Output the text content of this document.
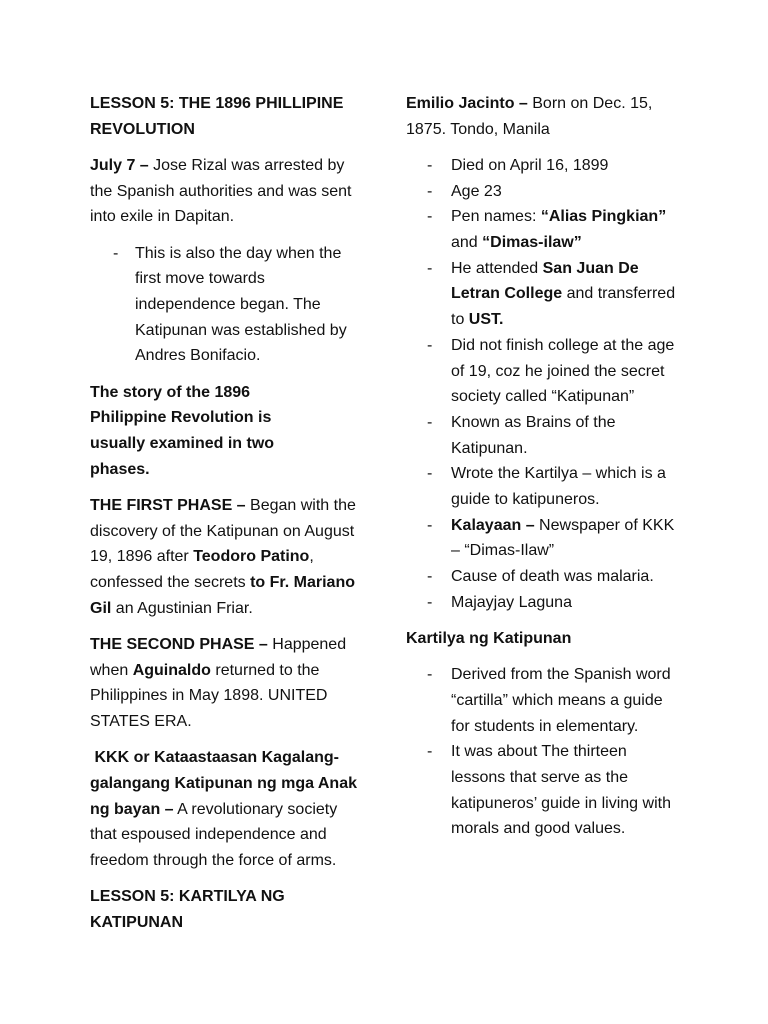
LESSON 5: THE 1896 PHILLIPINE REVOLUTION

July 7 – Jose Rizal was arrested by the Spanish authorities and was sent into exile in Dapitan.

- This is also the day when the first move towards independence began. The Katipunan was established by Andres Bonifacio.

The story of the 1896 Philippine Revolution is usually examined in two phases.

THE FIRST PHASE – Began with the discovery of the Katipunan on August 19, 1896 after Teodoro Patino, confessed the secrets to Fr. Mariano Gil an Agustinian Friar.

THE SECOND PHASE – Happened when Aguinaldo returned to the Philippines in May 1898. UNITED STATES ERA.

KKK or Kataastaasan Kagalang-galangang Katipunan ng mga Anak ng bayan – A revolutionary society that espoused independence and freedom through the force of arms.

LESSON 5: KARTILYA NG KATIPUNAN

Emilio Jacinto – Born on Dec. 15, 1875. Tondo, Manila

- Died on April 16, 1899
- Age 23
- Pen names: “Alias Pingkian” and “Dimas-ilaw”
- He attended San Juan De Letran College and transferred to UST.
- Did not finish college at the age of 19, coz he joined the secret society called “Katipunan”
- Known as Brains of the Katipunan.
- Wrote the Kartilya – which is a guide to katipuneros.
- Kalayaan – Newspaper of KKK – “Dimas-Ilaw”
- Cause of death was malaria.
- Majayjay Laguna

Kartilya ng Katipunan

- Derived from the Spanish word “cartilla” which means a guide for students in elementary.
- It was about The thirteen lessons that serve as the katipuneros’ guide in living with morals and good values.
